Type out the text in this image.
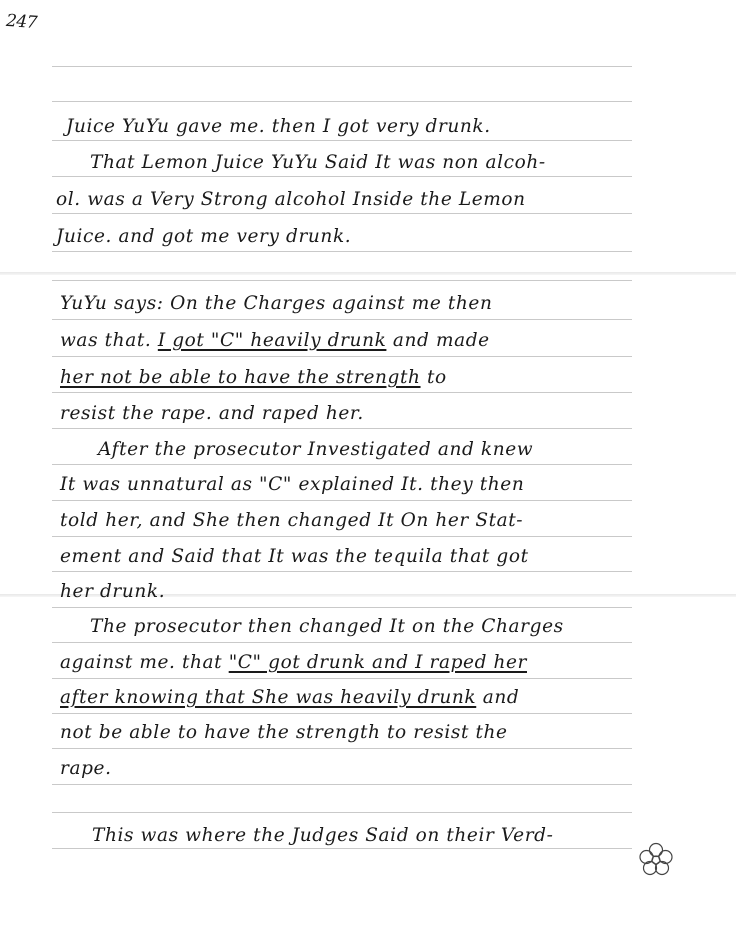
247
Juice YuYu gave me. then I got very drunk.
That Lemon Juice YuYu Said It was non alcoh-
ol. was a Very Strong alcohol Inside the Lemon
Juice. and got me very drunk.
YuYu says: On the Charges against me then
was that. I got "C" heavily drunk and made
her not be able to have the strength to
resist the rape. and raped her.
After the prosecutor Investigated and knew
It was unnatural as "C" explained It. they then
told her, and She then changed It On her Stat-
ement and Said that It was the tequila that got
her drunk.
The prosecutor then changed It on the Charges
against me. that "C" got drunk and I raped her
after knowing that She was heavily drunk and
not be able to have the strength to resist the
rape.
This was where the Judges Said on their Verd-
